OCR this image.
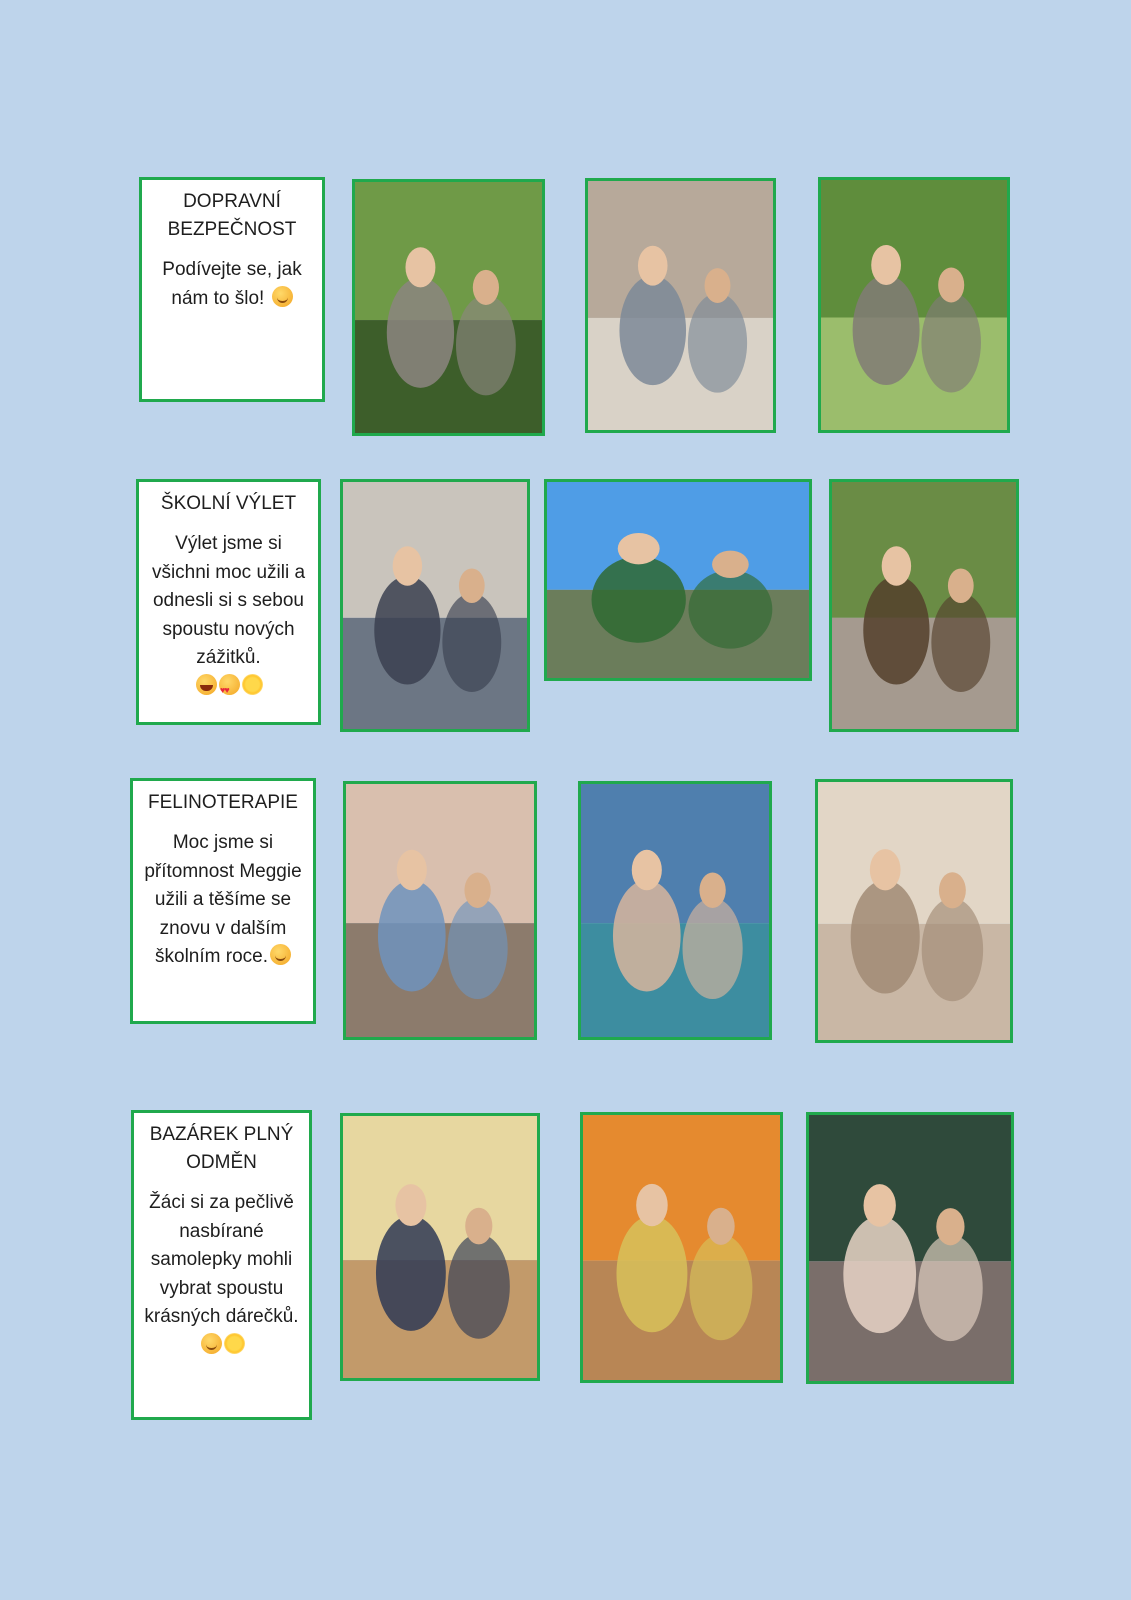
DOPRAVNÍ BEZPEČNOST
Podívejte se, jak nám to šlo!
ŠKOLNÍ VÝLET
Výlet jsme si všichni moc užili a odnesli si s sebou spoustu nových zážitků.
♥♥
FELINOTERAPIE
Moc jsme si přítomnost Meggie užili a těšíme se znovu v dalším školním roce.
BAZÁREK PLNÝ ODMĚN
Žáci si za pečlivě nasbírané samolepky mohli vybrat spoustu krásných dárečků.
